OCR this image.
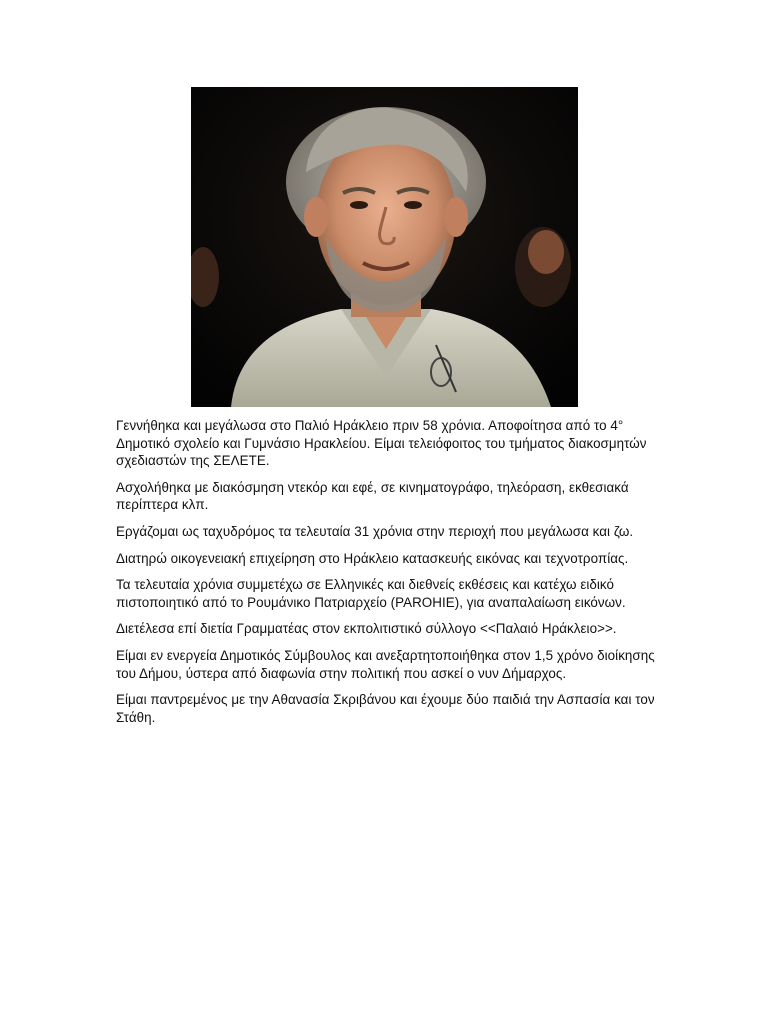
Γεννήθηκα και μεγάλωσα στο Παλιό Ηράκλειο πριν 58 χρόνια. Αποφοίτησα από το 4° Δημοτικό σχολείο και Γυμνάσιο Ηρακλείου. Είμαι τελειόφοιτος του τμήματος διακοσμητών σχεδιαστών της ΣΕΛΕΤΕ.

Ασχολήθηκα με διακόσμηση ντεκόρ και εφέ, σε κινηματογράφο, τηλεόραση, εκθεσιακά περίπτερα κλπ.

Εργάζομαι ως ταχυδρόμος τα τελευταία 31 χρόνια στην περιοχή που μεγάλωσα και ζω.

Διατηρώ οικογενειακή επιχείρηση στο Ηράκλειο κατασκευής εικόνας και τεχνοτροπίας.

Τα τελευταία χρόνια συμμετέχω σε Ελληνικές και διεθνείς εκθέσεις και κατέχω ειδικό πιστοποιητικό από το Ρουμάνικο Πατριαρχείο (PAROHIE), για αναπαλαίωση εικόνων.

Διετέλεσα επί διετία Γραμματέας στον εκπολιτιστικό σύλλογο <<Παλαιό Ηράκλειο>>.

Είμαι εν ενεργεία Δημοτικός Σύμβουλος και ανεξαρτητοποιήθηκα στον 1,5 χρόνο διοίκησης του Δήμου, ύστερα από διαφωνία στην πολιτική που ασκεί ο νυν Δήμαρχος.

Είμαι παντρεμένος με την Αθανασία Σκριβάνου και έχουμε δύο παιδιά την Ασπασία και τον Στάθη.
